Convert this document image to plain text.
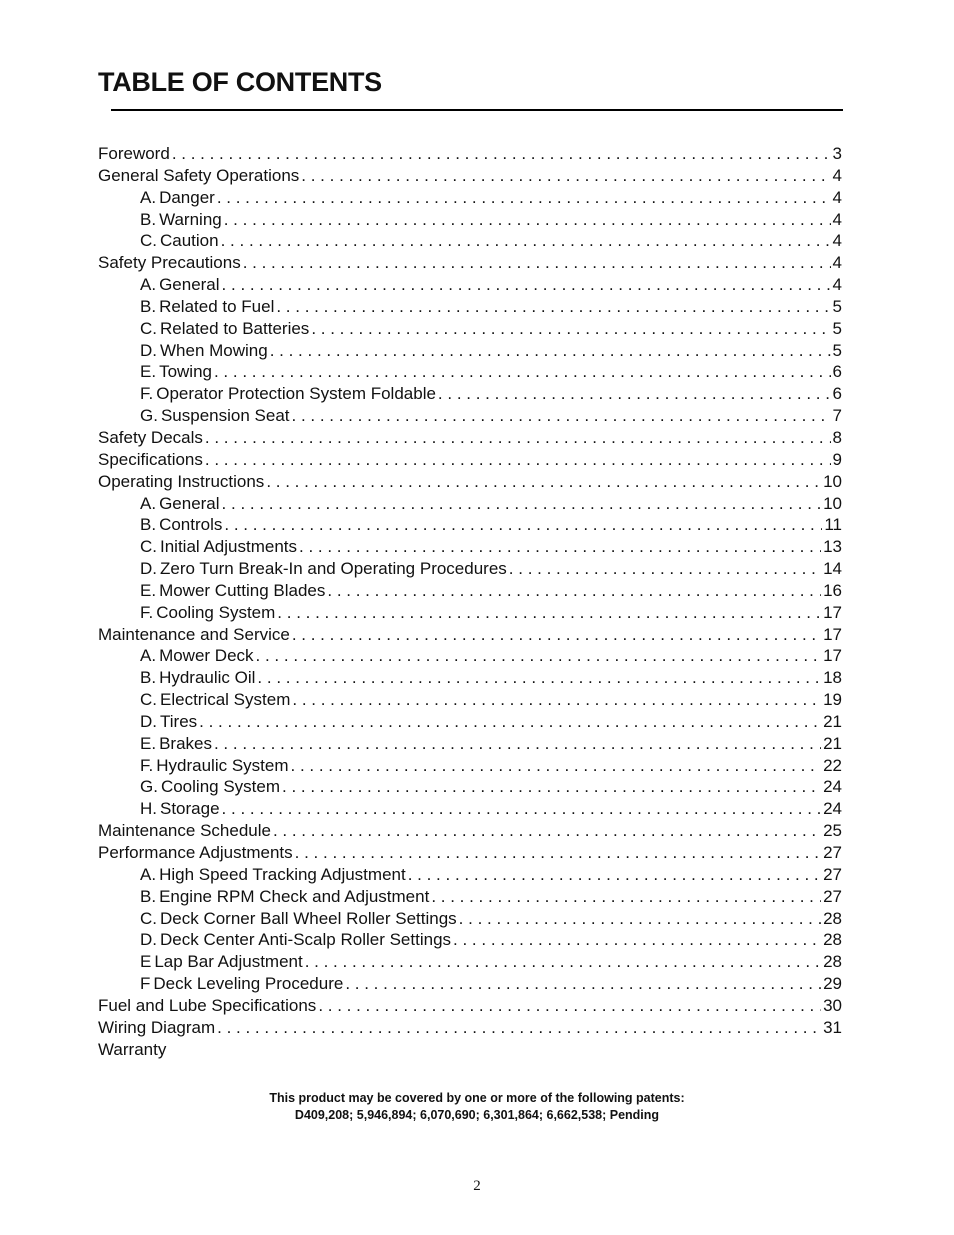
TABLE OF CONTENTS
Foreword . . .	3
General Safety Operations . . .	4
A. Danger . . .	4
B. Warning . . .	4
C. Caution . . .	4
Safety Precautions . . .	4
A. General . . .	4
B. Related to Fuel . . .	5
C. Related to Batteries . . .	5
D. When Mowing . . .	5
E. Towing . . .	6
F. Operator Protection System Foldable . . .	6
G. Suspension Seat . . .	7
Safety Decals . . .	8
Specifications . . .	9
Operating Instructions . . .	10
A. General . . .	10
B. Controls . . .	11
C. Initial Adjustments . . .	13
D. Zero Turn Break-In and Operating Procedures . . .	14
E. Mower Cutting Blades . . .	16
F. Cooling System . . .	17
Maintenance and Service . . .	17
A. Mower Deck . . .	17
B. Hydraulic Oil . . .	18
C. Electrical System . . .	19
D. Tires . . .	21
E. Brakes . . .	21
F. Hydraulic System . . .	22
G. Cooling System . . .	24
H. Storage . . .	24
Maintenance Schedule . . .	25
Performance Adjustments . . .	27
A. High Speed Tracking Adjustment . . .	27
B. Engine RPM Check and Adjustment . . .	27
C. Deck Corner Ball Wheel Roller Settings . . .	28
D. Deck Center Anti-Scalp Roller Settings . . .	28
E Lap Bar Adjustment . . .	28
F Deck Leveling Procedure . . .	29
Fuel and Lube Specifications . . .	30
Wiring Diagram . . .	31
Warranty
This product may be covered by one or more of the following patents:
D409,208; 5,946,894; 6,070,690; 6,301,864; 6,662,538; Pending
2
